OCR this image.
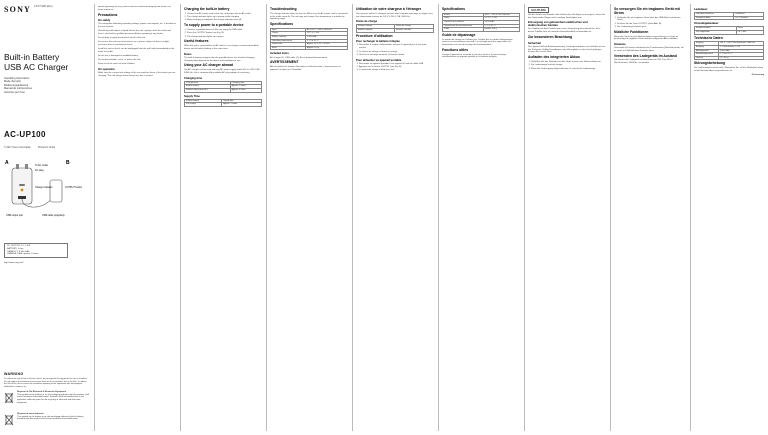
SONY 4-577-906-11(1)
Built-in Battery
USB AC Charger
Operating Instructions
Mode d'emploi
Bedienungsanleitung
Manual de instrucciones
Istruzioni per l'uso
AC-UP100
© 2017 Sony Corporation	Printed in China
A	To AC outlet
AC plug
Charge indicator	OUTPUT button
USB output port	USB cable (supplied)
B
DC OUTPUT: 5 V, 1.5 A
BATTERY: Li-ion
CAPACITY: 3 400 mAh
CHARGE TIME: approx. 5 hours
http://www.sony.net/
WARNING
To reduce the risk of fire or electric shock, do not expose this apparatus to rain or moisture. Do not expose the batteries to excessive heat such as sunshine, fire or the like. To reduce the risk of fire, do not cover the ventilation opening of the apparatus with newspapers, tablecloths, curtains, etc.
Disposal of Old Electrical & Electronic Equipment
This symbol on the product or on its packaging indicates that this product shall not be treated as household waste. Instead it shall be handed over to the applicable collection point for the recycling of electrical and electronic equipment.
Disposal of waste batteries
This symbol on the battery or on the packaging indicates that the battery provided with this product shall not be treated as household waste.

Before operating the unit, please read this manual thoroughly and retain it for future reference.

Precautions
On safety

The nameplate indicating operating voltage, power consumption, etc. is located on the rear exterior.

Should any solid object or liquid fall into the unit, unplug it from the outlet and have it checked by qualified personnel before operating it any further.

Do not drop or apply mechanical shock to the unit.

Do not use the unit near heat sources or in places subject to direct sunlight, excessive dust or mechanical shock.

Install this unit so that it can be unplugged from the wall outlet immediately in the event of trouble.

Do not use a damaged or modified battery.

Do not disassemble, crush, or pierce the unit.

Keep out of the reach of small children.

On operation

Make sure the current and voltage of the unit matches those of the device you are charging. The unit will get warm during use; this is normal.

Charging the built-in battery
1. Connect the AC power cord to the unit, and plug it into an AC outlet.
2. The charge indicator lights up in orange while charging.
3. When charging is complete, the charge indicator turns off.
To supply power to a portable device
1. Connect a portable device to this unit using the USB cable.
2. Press the OUTPUT button (see Fig. B).
3. The charge indicator lights up in green.
Useful features

When the unit is connected to an AC outlet, it can charge a connected portable device and its built-in battery at the same time.

Notes

The built-in battery charges after the portable device has finished charging. Charging times depend on the device and conditions of use.

Using your AC charger abroad

The AC charger can be used with any AC power supply rated 100 V to 240 V AC, 50/60 Hz. Use a commercially available AC plug adaptor if necessary.

Charging time
Charged item	Charging time
Built-in battery	Approx. 5 hours
Built-in battery (from AC)	Approx. 4 hours
Supply Time
Built-in battery	Supply time
Full charge	Approx. 2 times
Troubleshooting

The charge indicator does not turn on. Make sure the AC power cord is connected to the outlet correctly. The unit may not charge if the temperature is outside the operating range.

Specifications
Input	AC 100 V – 240 V, 50/60 Hz
Output	DC 5 V, 1.5 A
Battery capacity	3 400 mAh
Operating temperature	5 °C to 35 °C
Dimensions	Approx. 44 × 82 × 24 mm
Mass	Approx. 110 g
Included items

AC charger (1), USB cable (1), Set of printed documentation

AVERTISSEMENT

Afin de réduire les risques d'incendie ou d'électrocution, n'exposez pas cet appareil à la pluie ou à l'humidité.

Utilisation de votre chargeur à l'étranger

Vous pouvez utiliser le chargeur secteur dans n'importe quel pays ou région avec une alimentation secteur de 100 V à 240 V CA, 50/60 Hz.

Durée de charge
Élément chargé	Durée de charge
Batterie intégrée	Environ 5 heures
Procédure d'utilisation
Pour recharger la batterie intégrée
1. Raccordez le cordon d'alimentation secteur à l'appareil puis à une prise secteur.
2. Le témoin de charge s'allume en orange.
3. Une fois la recharge terminée, le témoin s'éteint.
Pour alimenter un appareil portable
1. Raccordez un appareil portable à cet appareil à l'aide du câble USB.
2. Appuyez sur la touche OUTPUT (voir Fig. B).
3. Le témoin de charge s'allume en vert.
Spécifications
Entrée	100 V – 240 V CA, 50/60 Hz
Sortie	5 V CC, 1,5 A
Capacité de la batterie	3 400 mAh
Température de fonctionnement	5 °C à 35 °C
Poids	Environ 110 g
Guide de dépannage

Le témoin de charge ne s'allume pas. Vérifiez que le cordon d'alimentation secteur est correctement raccordé. La recharge peut être impossible si la température est hors de la plage de fonctionnement.

Fonctions utiles

Lorsque l'appareil est raccordé à une prise secteur, il peut recharger simultanément un appareil portable et sa batterie intégrée.

ACHTUNG

Um die Gefahr von Bränden oder elektrischen Schlägen zu verringern, setzen Sie das Gerät weder Regen noch sonstiger Feuchtigkeit aus.

Entsorgung von gebrauchten elektrischen und elektronischen Geräten

Das Symbol auf dem Produkt oder seiner Verpackung weist darauf hin, dass dieses Produkt nicht als normaler Haushaltsabfall zu behandeln ist.

Zur besonderen Beachtung
Sicherheit

Das Typenschild mit Betriebsspannung, Leistungsaufnahme usw. befindet sich an der Rückseite. Sollten Fremdkörper oder Flüssigkeiten in das Gerät gelangen, trennen Sie es vom Netz.

Aufladen des integrierten Akkus
1. Schließen Sie das Netzkabel an das Gerät und an eine Netzsteckdose an.
2. Die Ladeanzeige leuchtet orange.
3. Wenn der Ladevorgang abgeschlossen ist, erlischt die Ladeanzeige.
So versorgen Sie ein tragbares Gerät mit Strom
1. Verbinden Sie ein tragbares Gerät über das USB-Kabel mit diesem Gerät.
2. Drücken Sie die Taste OUTPUT (siehe Abb. B).
3. Die Ladeanzeige leuchtet grün.
Nützliche Funktionen

Wenn das Gerät an eine Netzsteckdose angeschlossen ist, kann es gleichzeitig ein tragbares Gerät und den integrierten Akku aufladen.

Hinweise

Verwenden Sie keinen elektronischen Transformator (Reisekonverter), da es sonst zu Fehlfunktionen kommen kann.

Verwenden des Ladegeräts im Ausland

Sie können das Ladegerät mit Netzstrom von 100 V bis 240 V Wechselstrom, 50/60 Hz, verwenden.

Ladedauer
Geladenes Element	Ladedauer
Integrierter Akku	Ca. 5 Stunden
Stromabgabedauer
Integrierter Akku	Dauer
Voll aufgeladen	Ca. 2 Mal
Technische Daten
Eingang	100 V – 240 V Wechselstrom, 50/60 Hz
Ausgang	5 V Gleichstrom, 1,5 A
Akkukapazität	3 400 mAh
Betriebstemperatur	5 °C bis 35 °C
Gewicht	Ca. 110 g
Störungsbehebung

Die Ladeanzeige leuchtet nicht. Überprüfen Sie, ob das Netzkabel richtig an die Netzsteckdose angeschlossen ist.

Fortsetzung
